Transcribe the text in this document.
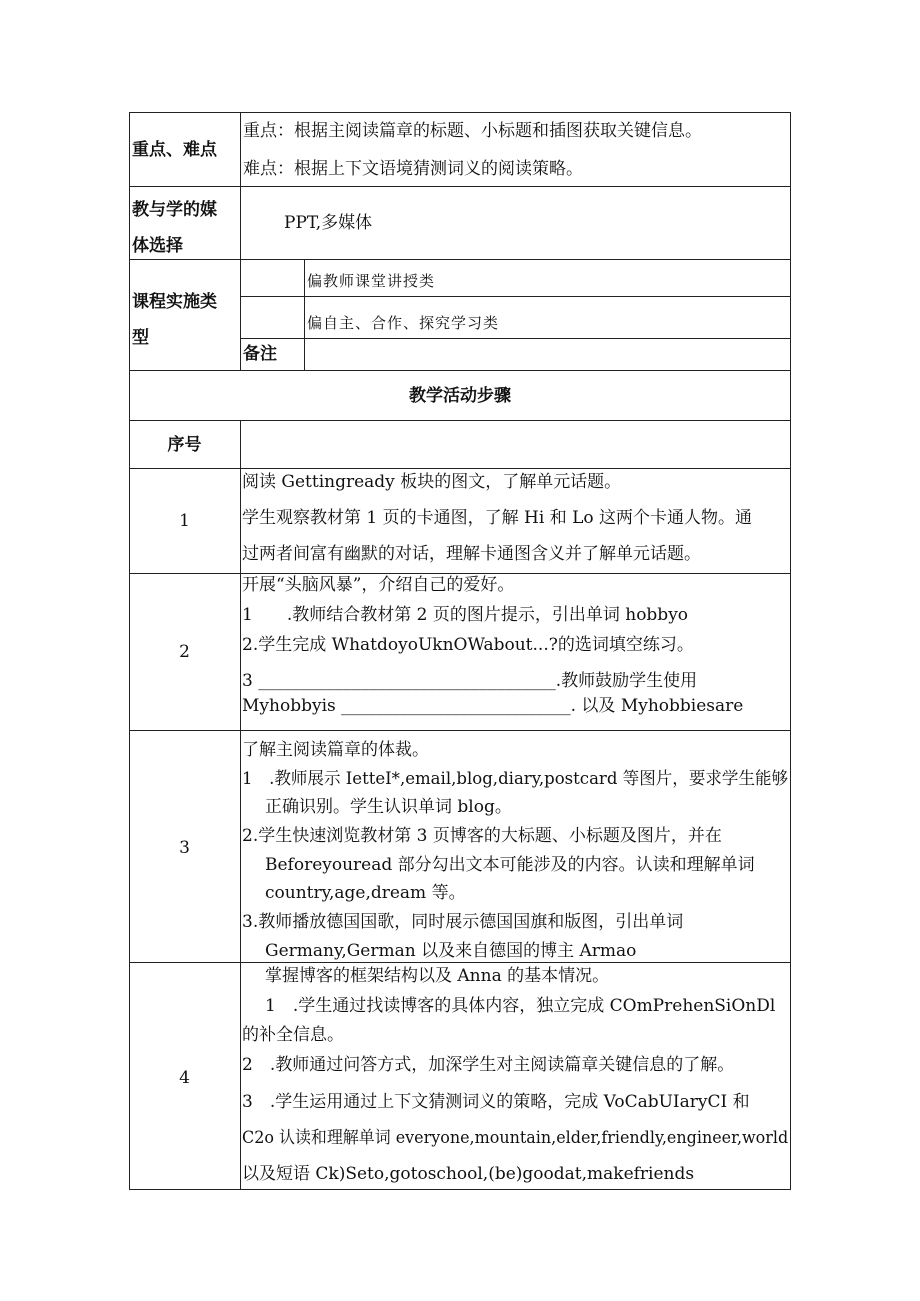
重点、难点
重点：根据主阅读篇章的标题、小标题和插图获取关键信息。
难点：根据上下文语境猜测词义的阅读策略。
教与学的媒
体选择
PPT,多媒体
课程实施类
型
偏教师课堂讲授类
偏自主、合作、探究学习类
备注
教学活动步骤
序号
1
阅读 Gettingready 板块的图文，了解单元话题。
学生观察教材第 1 页的卡通图，了解 Hi 和 Lo 这两个卡通人物。通
过两者间富有幽默的对话，理解卡通图含义并了解单元话题。
2
开展“头脑风暴”，介绍自己的爱好。
1　　.教师结合教材第 2 页的图片提示，引出单词 hobbyo
2.学生完成 WhatdoyoUknOWabout...?的选词填空练习。
3 ___________________________________.教师鼓励学生使用
Myhobbyis ___________________________. 以及 Myhobbiesare
3
了解主阅读篇章的体裁。
1　.教师展示 IetteI*,email,blog,diary,postcard 等图片，要求学生能够
正确识别。学生认识单词 blog。
2.学生快速浏览教材第 3 页博客的大标题、小标题及图片，并在
Beforeyouread 部分勾出文本可能涉及的内容。认读和理解单词
country,age,dream 等。
3.教师播放德国国歌，同时展示德国国旗和版图，引出单词
Germany,German 以及来自德国的博主 Armao
4
掌握博客的框架结构以及 Anna 的基本情况。
1　.学生通过找读博客的具体内容，独立完成 COmPrehenSiOnDl
的补全信息。
2　.教师通过问答方式，加深学生对主阅读篇章关键信息的了解。
3　.学生运用通过上下文猜测词义的策略，完成 VoCabUIaryCI 和
C2o 认读和理解单词 everyone,mountain,elder,friendly,engineer,world
以及短语 Ck)Seto,gotoschool,(be)goodat,makefriends
